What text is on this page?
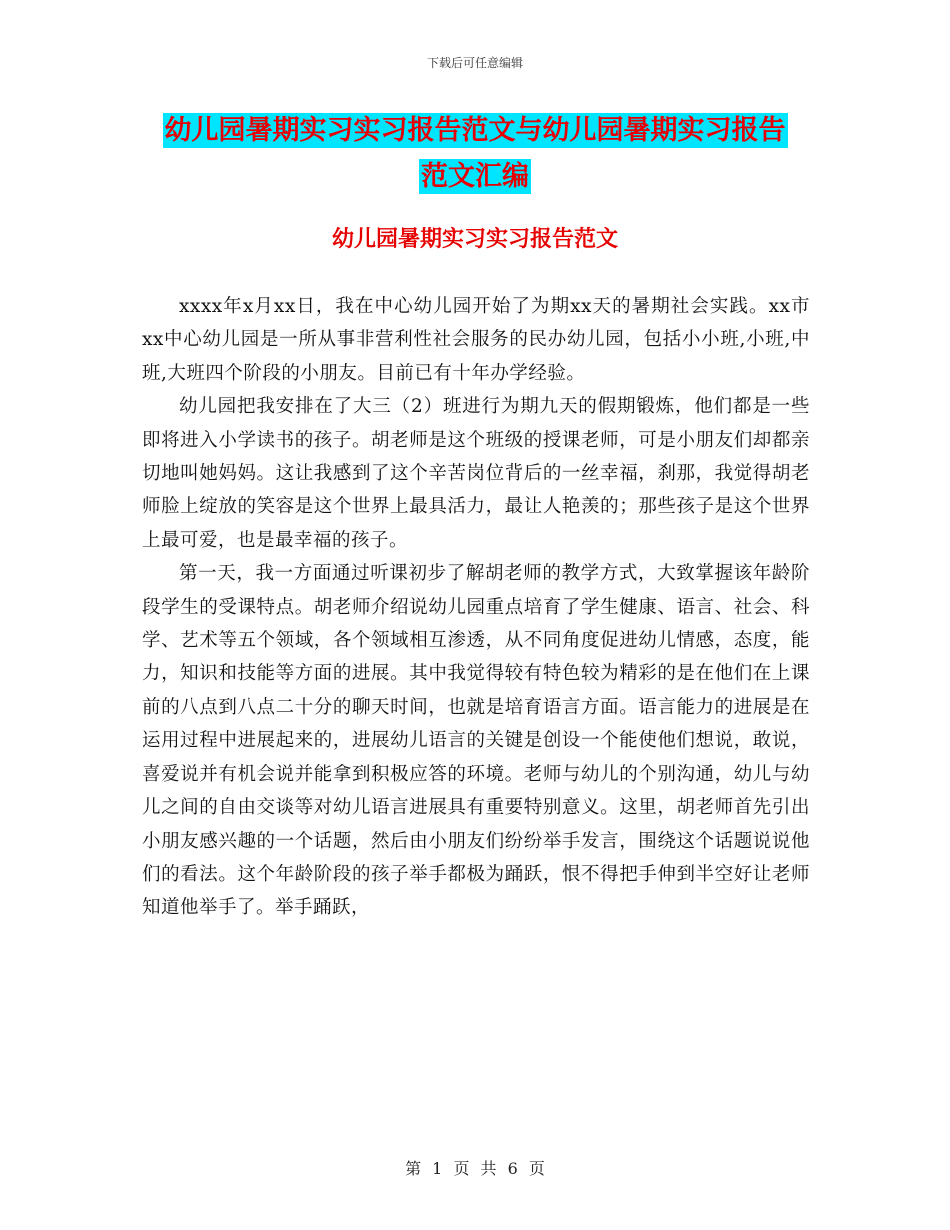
下载后可任意编辑
幼儿园暑期实习实习报告范文与幼儿园暑期实习报告
范文汇编
幼儿园暑期实习实习报告范文

xxxx年x月xx日，我在中心幼儿园开始了为期xx天的暑期社会实践。xx市xx中心幼儿园是一所从事非营利性社会服务的民办幼儿园，包括小小班,小班,中班,大班四个阶段的小朋友。目前已有十年办学经验。

幼儿园把我安排在了大三（2）班进行为期九天的假期锻炼，他们都是一些即将进入小学读书的孩子。胡老师是这个班级的授课老师，可是小朋友们却都亲切地叫她妈妈。这让我感到了这个辛苦岗位背后的一丝幸福，刹那，我觉得胡老师脸上绽放的笑容是这个世界上最具活力，最让人艳羡的；那些孩子是这个世界上最可爱，也是最幸福的孩子。

第一天，我一方面通过听课初步了解胡老师的教学方式，大致掌握该年龄阶段学生的受课特点。胡老师介绍说幼儿园重点培育了学生健康、语言、社会、科学、艺术等五个领域，各个领域相互渗透，从不同角度促进幼儿情感，态度，能力，知识和技能等方面的进展。其中我觉得较有特色较为精彩的是在他们在上课前的八点到八点二十分的聊天时间，也就是培育语言方面。语言能力的进展是在运用过程中进展起来的，进展幼儿语言的关键是创设一个能使他们想说，敢说，喜爱说并有机会说并能拿到积极应答的环境。老师与幼儿的个别沟通，幼儿与幼儿之间的自由交谈等对幼儿语言进展具有重要特别意义。这里，胡老师首先引出小朋友感兴趣的一个话题，然后由小朋友们纷纷举手发言，围绕这个话题说说他们的看法。这个年龄阶段的孩子举手都极为踊跃，恨不得把手伸到半空好让老师知道他举手了。举手踊跃，

第 1 页 共 6 页
